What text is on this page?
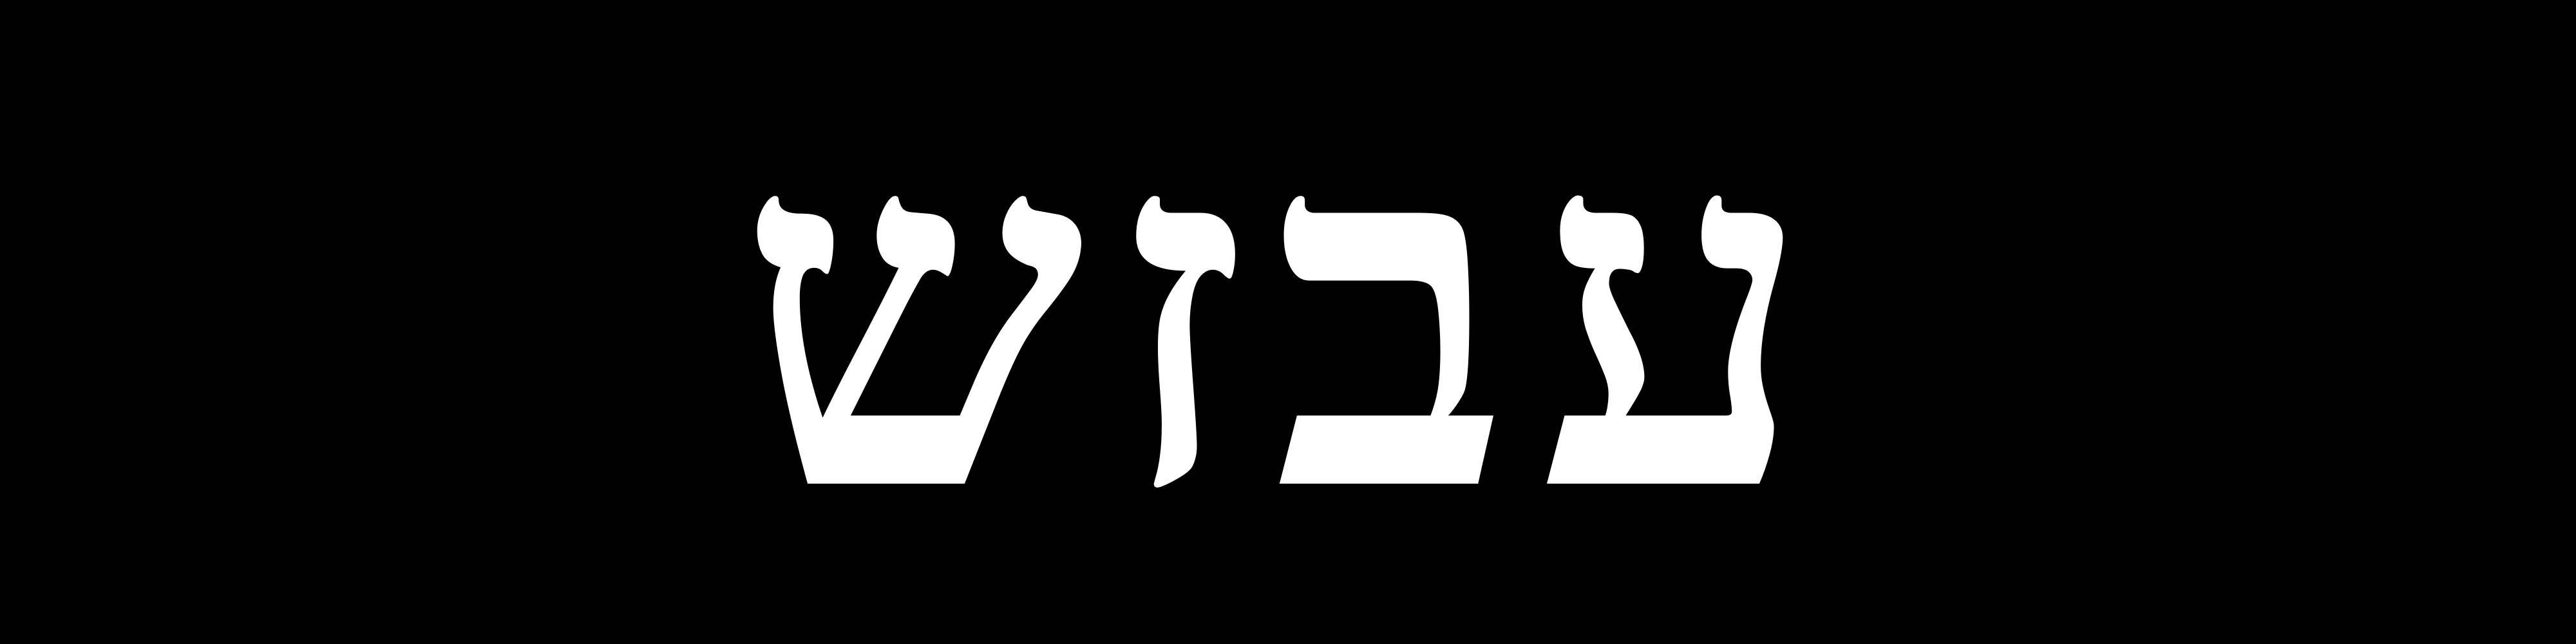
עבזש
